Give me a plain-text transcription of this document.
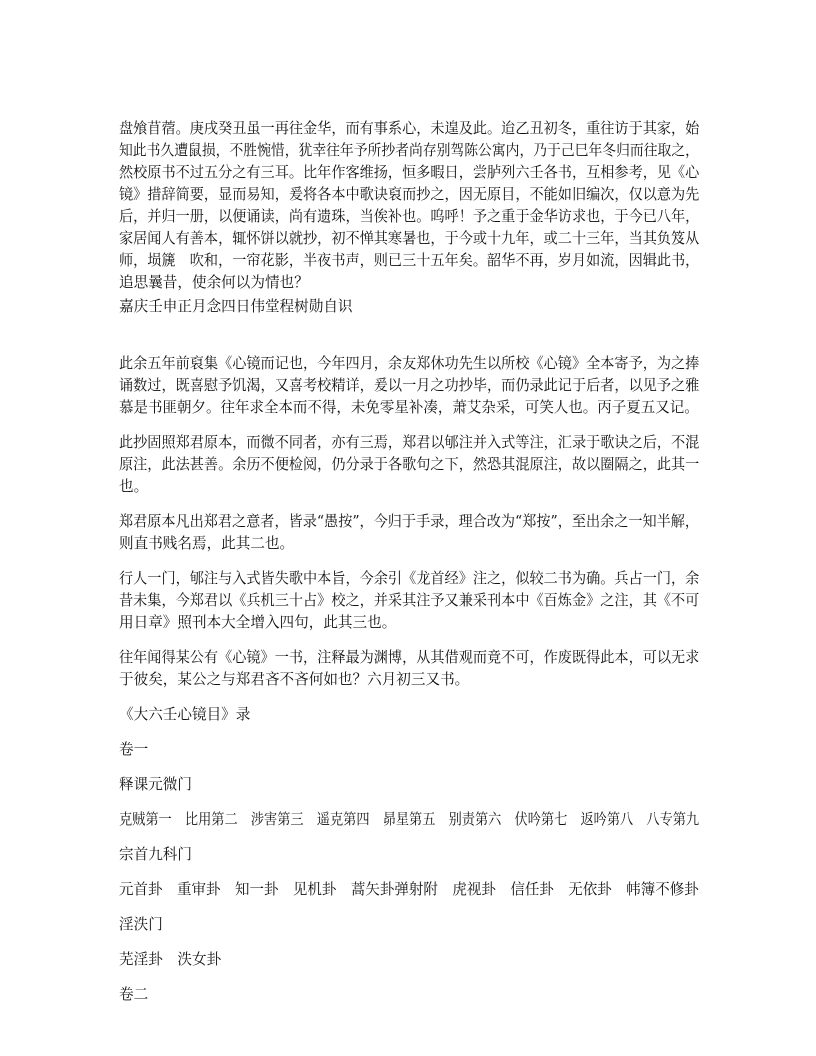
盘飧苜蓿。庚戌癸丑虽一再往金华，而有事系心，未遑及此。迨乙丑初冬，重往访于其家，始 知此书久遭鼠损，不胜惋惜，犹幸往年予所抄者尚存别驾陈公寓内，乃于己巳年冬归而往取之， 然校原书不过五分之有三耳。比年作客维扬，恒多暇日，尝胪列六壬各书，互相参考，见《心 镜》措辞简要，显而易知，爰将各本中歌诀裒而抄之，因无原目，不能如旧编次，仅以意为先 后，并归一册，以便诵读，尚有遗珠，当俟补也。呜呼！予之重于金华访求也，于今已八年， 家居闻人有善本，辄怀饼以就抄，初不惮其寒暑也，于今或十九年，或二十三年，当其负笈从 师，埙篪　吹和，一帘花影，半夜书声，则已三十五年矣。韶华不再，岁月如流，因辑此书，
追思曩昔，使余何以为情也？

嘉庆壬申正月念四日伟堂程树勋自识

此余五年前裒集《心镜而记也，今年四月，余友郑休功先生以所校《心镜》全本寄予，为之捧 诵数过，既喜慰予饥渴，又喜考校精详，爰以一月之功抄毕，而仍录此记于后者，以见予之雅 慕是书匪朝夕。往年求全本而不得，未免零星补凑，萧艾杂采，可笑人也。丙子夏五又记。
此抄固照郑君原本，而微不同者，亦有三焉，郑君以郇注并入式等注，汇录于歌诀之后，不混 原注，此法甚善。余历不便检阅，仍分录于各歌句之下，然恐其混原注，故以圈隔之，此其一
也。
郑君原本凡出郑君之意者，皆录“愚按”，今归于手录，理合改为“郑按”，至出余之一知半解，
则直书贱名焉，此其二也。
行人一门，郇注与入式皆失歌中本旨，今余引《龙首经》注之，似较二书为确。兵占一门，余 昔未集，今郑君以《兵机三十占》校之，并采其注予又兼采刊本中《百炼金》之注，其《不可
用日章》照刊本大全增入四句，此其三也。
往年闻得某公有《心镜》一书，注释最为渊博，从其借观而竟不可，作废既得此本，可以无求
于彼矣，某公之与郑君吝不吝何如也？六月初三又书。

《大六壬心镜目》录

卷一

释课元微门

克贼第一　比用第二　涉害第三　遥克第四　昴星第五　别责第六　伏吟第七　返吟第八　八专第九

宗首九科门

元首卦　重审卦　知一卦　见机卦　蒿矢卦弹射附　虎视卦　信任卦　无依卦　帏簿不修卦

淫泆门

芜淫卦　泆女卦

卷二
